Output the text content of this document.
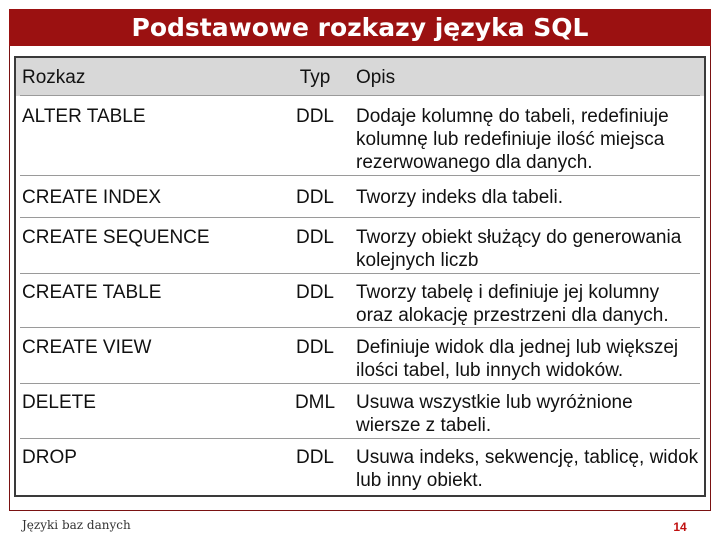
Podstawowe rozkazy języka SQL
Rozkaz	Typ	Opis
ALTER TABLE	DDL	Dodaje kolumnę do tabeli, redefiniuje kolumnę lub redefiniuje ilość miejsca rezerwowanego dla danych.
CREATE INDEX	DDL	Tworzy indeks dla tabeli.
CREATE SEQUENCE	DDL	Tworzy obiekt służący do generowania kolejnych liczb
CREATE TABLE	DDL	Tworzy tabelę i definiuje jej kolumny oraz alokację przestrzeni dla danych.
CREATE VIEW	DDL	Definiuje widok dla jednej lub większej ilości tabel, lub innych widoków.
DELETE	DML	Usuwa wszystkie lub wyróżnione wiersze z tabeli.
DROP	DDL	Usuwa indeks, sekwencję, tablicę, widok lub inny obiekt.
Języki baz danych	14
